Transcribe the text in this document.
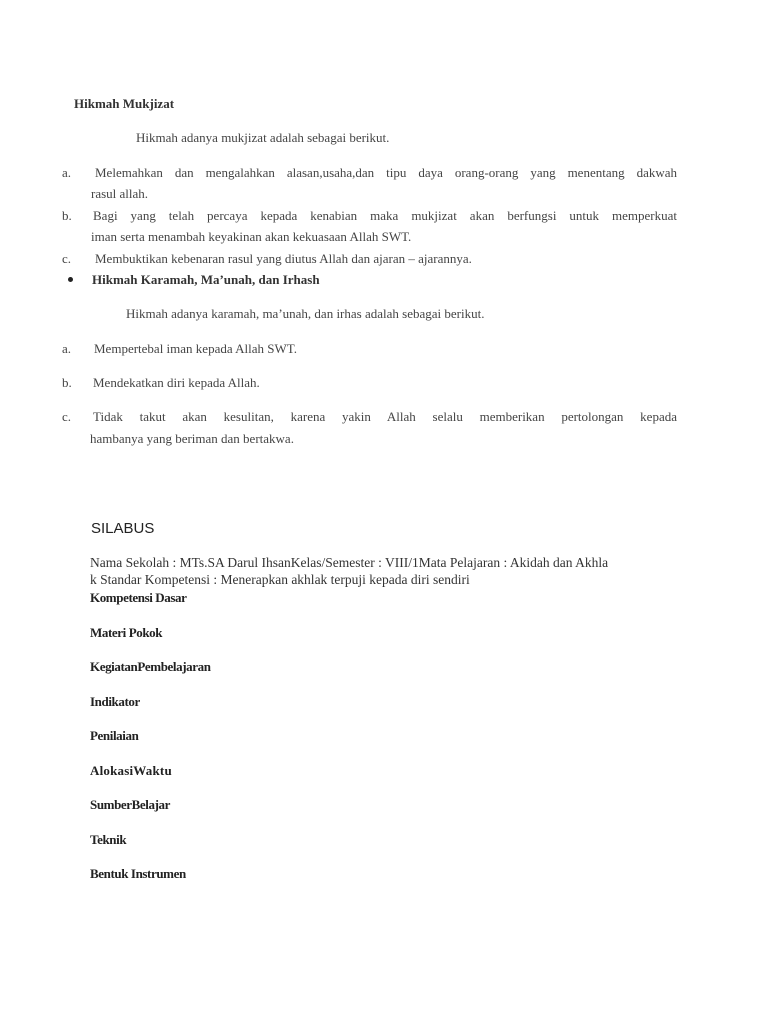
Hikmah Mukjizat
Hikmah adanya mukjizat adalah sebagai berikut.
a. Melemahkan dan mengalahkan alasan,usaha,dan tipu daya orang-orang yang menentang dakwah
rasul allah.
b. Bagi yang telah percaya kepada kenabian maka mukjizat akan berfungsi untuk memperkuat
iman serta menambah keyakinan akan kekuasaan Allah SWT.
c. Membuktikan kebenaran rasul yang diutus Allah dan ajaran – ajarannya.
Hikmah Karamah, Ma’unah, dan Irhash
Hikmah adanya karamah, ma’unah, dan irhas adalah sebagai berikut.
a. Mempertebal iman kepada Allah SWT.
b. Mendekatkan diri kepada Allah.
c. Tidak takut akan kesulitan, karena yakin Allah selalu memberikan pertolongan kepada
hambanya yang beriman dan bertakwa.
SILABUS
Nama Sekolah : MTs.SA Darul IhsanKelas/Semester : VIII/1Mata Pelajaran : Akidah dan Akhla
k Standar Kompetensi : Menerapkan akhlak terpuji kepada diri sendiri
Kompetensi Dasar
Materi Pokok
KegiatanPembelajaran
Indikator
Penilaian
AlokasiWaktu
SumberBelajar
Teknik
Bentuk Instrumen
